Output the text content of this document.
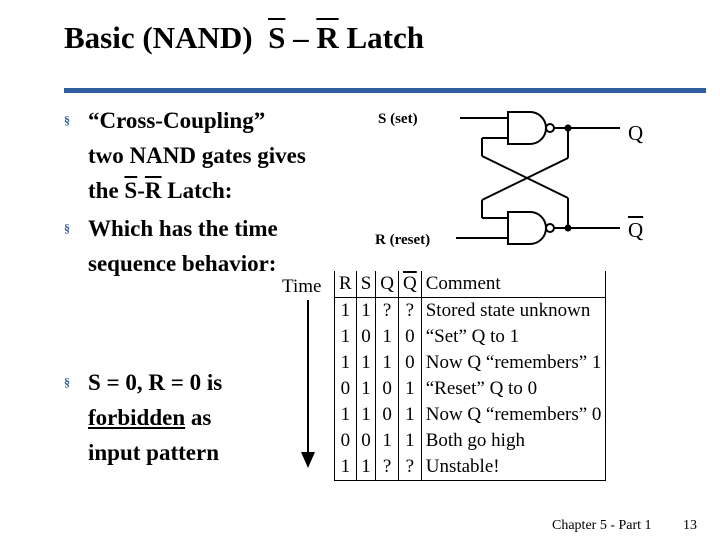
Basic (NAND) $\overline{S} - \overline{R}$ Latch
§ “Cross-Coupling”
two NAND gates gives
the $\overline{S}-\overline{R}$ Latch:
§ Which has the time
sequence behavior:
§ S = 0, R = 0 is
forbidden as
input pattern
S (set)
R (reset)
Q
$\overline{Q}$
Time R	S	Q	$\overline{Q}$	Comment
1	1	?	?	Stored state unknown
1	0	1	0	“Set” Q to 1
1	1	1	0	Now Q “remembers” 1
0	1	0	1	“Reset” Q to 0
1	1	0	1	Now Q “remembers” 0
0	0	1	1	Both go high
1	1	?	?	Unstable!
Chapter 5 - Part 1 13
